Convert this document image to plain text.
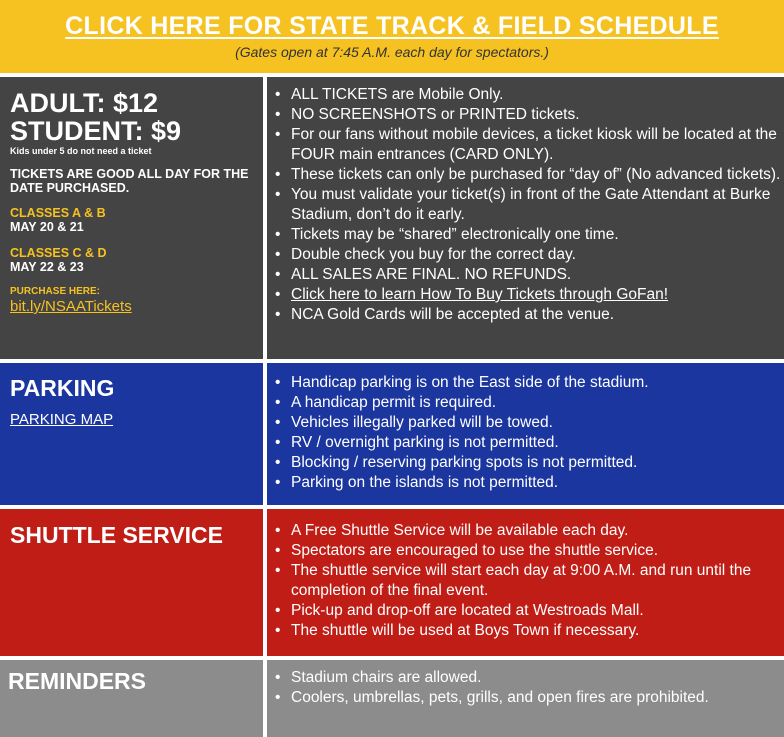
CLICK HERE FOR STATE TRACK & FIELD SCHEDULE
(Gates open at 7:45 A.M. each day for spectators.)
ADULT: $12
STUDENT: $9
Kids under 5 do not need a ticket
TICKETS ARE GOOD ALL DAY FOR THE DATE PURCHASED.
CLASSES A & B
MAY 20 & 21
CLASSES C & D
MAY 22 & 23
PURCHASE HERE:
bit.ly/NSAATickets
• ALL TICKETS are Mobile Only.
• NO SCREENSHOTS or PRINTED tickets.
• For our fans without mobile devices, a ticket kiosk will be located at the FOUR main entrances (CARD ONLY).
• These tickets can only be purchased for “day of” (No advanced tickets).
• You must validate your ticket(s) in front of the Gate Attendant at Burke Stadium, don’t do it early.
• Tickets may be “shared” electronically one time.
• Double check you buy for the correct day.
• ALL SALES ARE FINAL. NO REFUNDS.
• Click here to learn How To Buy Tickets through GoFan!
• NCA Gold Cards will be accepted at the venue.
PARKING
PARKING MAP
• Handicap parking is on the East side of the stadium.
• A handicap permit is required.
• Vehicles illegally parked will be towed.
• RV / overnight parking is not permitted.
• Blocking / reserving parking spots is not permitted.
• Parking on the islands is not permitted.
SHUTTLE SERVICE	• A Free Shuttle Service will be available each day.
• Spectators are encouraged to use the shuttle service.
• The shuttle service will start each day at 9:00 A.M. and run until the completion of the final event.
• Pick-up and drop-off are located at Westroads Mall.
• The shuttle will be used at Boys Town if necessary.
REMINDERS	• Stadium chairs are allowed.
• Coolers, umbrellas, pets, grills, and open fires are prohibited.
